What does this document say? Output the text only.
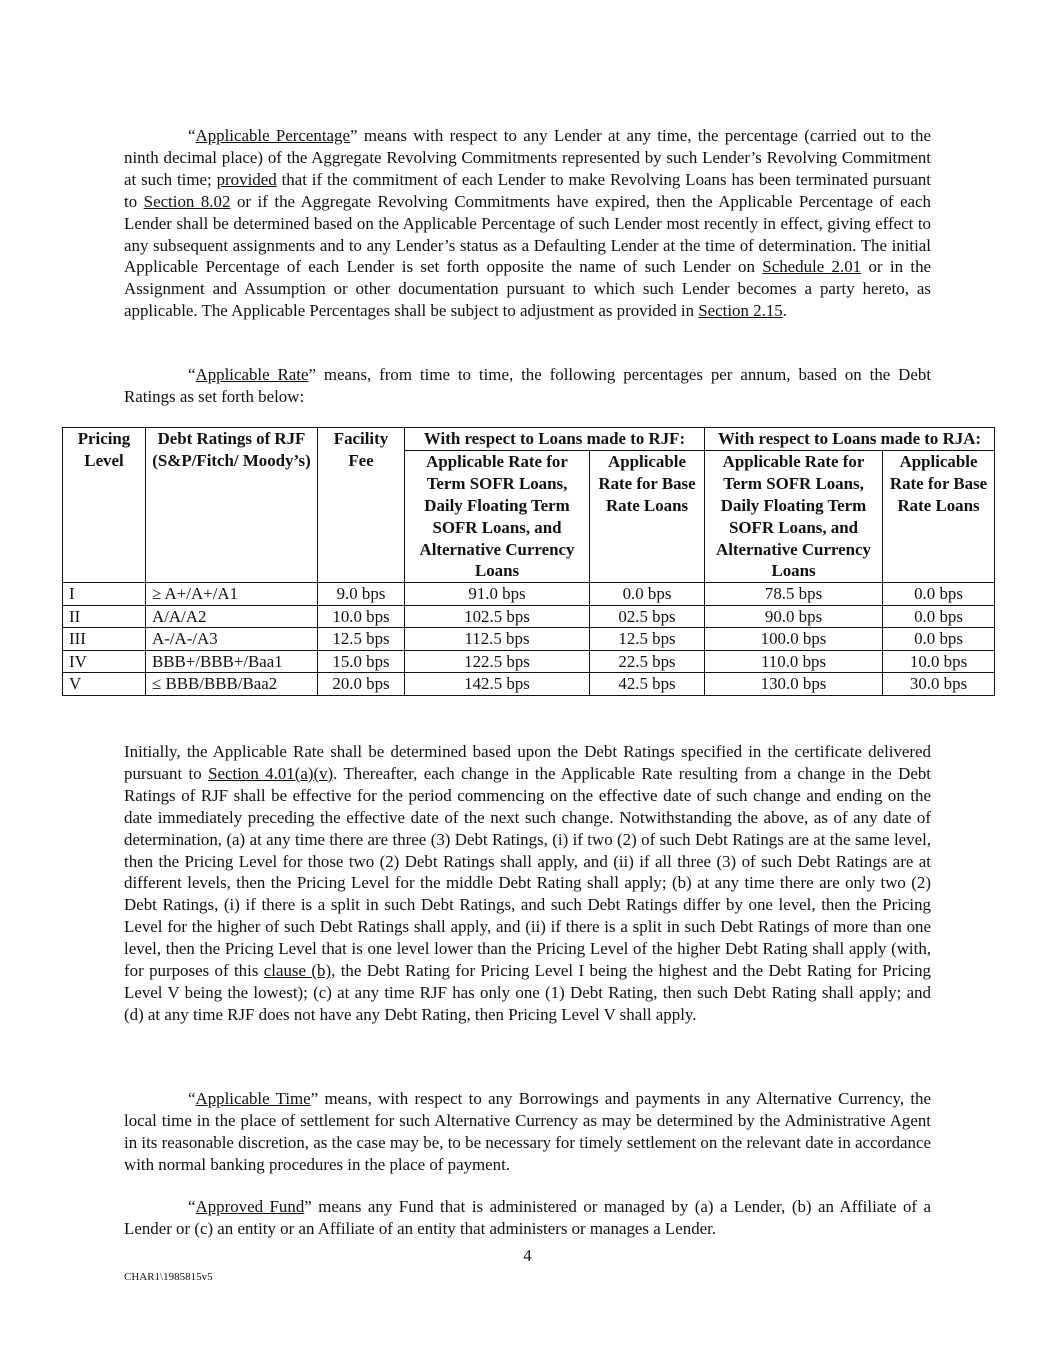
“Applicable Percentage” means with respect to any Lender at any time, the percentage (carried out to the ninth decimal place) of the Aggregate Revolving Commitments represented by such Lender’s Revolving Commitment at such time; provided that if the commitment of each Lender to make Revolving Loans has been terminated pursuant to Section 8.02 or if the Aggregate Revolving Commitments have expired, then the Applicable Percentage of each Lender shall be determined based on the Applicable Percentage of such Lender most recently in effect, giving effect to any subsequent assignments and to any Lender’s status as a Defaulting Lender at the time of determination. The initial Applicable Percentage of each Lender is set forth opposite the name of such Lender on Schedule 2.01 or in the Assignment and Assumption or other documentation pursuant to which such Lender becomes a party hereto, as applicable. The Applicable Percentages shall be subject to adjustment as provided in Section 2.15.

“Applicable Rate” means, from time to time, the following percentages per annum, based on the Debt Ratings as set forth below:

Pricing Level	Debt Ratings of RJF (S&P/Fitch/ Moody’s)	Facility Fee	With respect to Loans made to RJF:		With respect to Loans made to RJA:	
			Applicable Rate for Term SOFR Loans, Daily Floating Term SOFR Loans, and Alternative Currency Loans	Applicable Rate for Base Rate Loans	Applicable Rate for Term SOFR Loans, Daily Floating Term SOFR Loans, and Alternative Currency Loans	Applicable Rate for Base Rate Loans
I	≥ A+/A+/A1	9.0 bps	91.0 bps	0.0 bps	78.5 bps	0.0 bps
II	A/A/A2	10.0 bps	102.5 bps	02.5 bps	90.0 bps	0.0 bps
III	A-/A-/A3	12.5 bps	112.5 bps	12.5 bps	100.0 bps	0.0 bps
IV	BBB+/BBB+/Baa1	15.0 bps	122.5 bps	22.5 bps	110.0 bps	10.0 bps
V	≤ BBB/BBB/Baa2	20.0 bps	142.5 bps	42.5 bps	130.0 bps	30.0 bps

Initially, the Applicable Rate shall be determined based upon the Debt Ratings specified in the certificate delivered pursuant to Section 4.01(a)(v). Thereafter, each change in the Applicable Rate resulting from a change in the Debt Ratings of RJF shall be effective for the period commencing on the effective date of such change and ending on the date immediately preceding the effective date of the next such change. Notwithstanding the above, as of any date of determination, (a) at any time there are three (3) Debt Ratings, (i) if two (2) of such Debt Ratings are at the same level, then the Pricing Level for those two (2) Debt Ratings shall apply, and (ii) if all three (3) of such Debt Ratings are at different levels, then the Pricing Level for the middle Debt Rating shall apply; (b) at any time there are only two (2) Debt Ratings, (i) if there is a split in such Debt Ratings, and such Debt Ratings differ by one level, then the Pricing Level for the higher of such Debt Ratings shall apply, and (ii) if there is a split in such Debt Ratings of more than one level, then the Pricing Level that is one level lower than the Pricing Level of the higher Debt Rating shall apply (with, for purposes of this clause (b), the Debt Rating for Pricing Level I being the highest and the Debt Rating for Pricing Level V being the lowest); (c) at any time RJF has only one (1) Debt Rating, then such Debt Rating shall apply; and (d) at any time RJF does not have any Debt Rating, then Pricing Level V shall apply.

“Applicable Time” means, with respect to any Borrowings and payments in any Alternative Currency, the local time in the place of settlement for such Alternative Currency as may be determined by the Administrative Agent in its reasonable discretion, as the case may be, to be necessary for timely settlement on the relevant date in accordance with normal banking procedures in the place of payment.

“Approved Fund” means any Fund that is administered or managed by (a) a Lender, (b) an Affiliate of a Lender or (c) an entity or an Affiliate of an entity that administers or manages a Lender.

4
CHAR1\1985815v5
